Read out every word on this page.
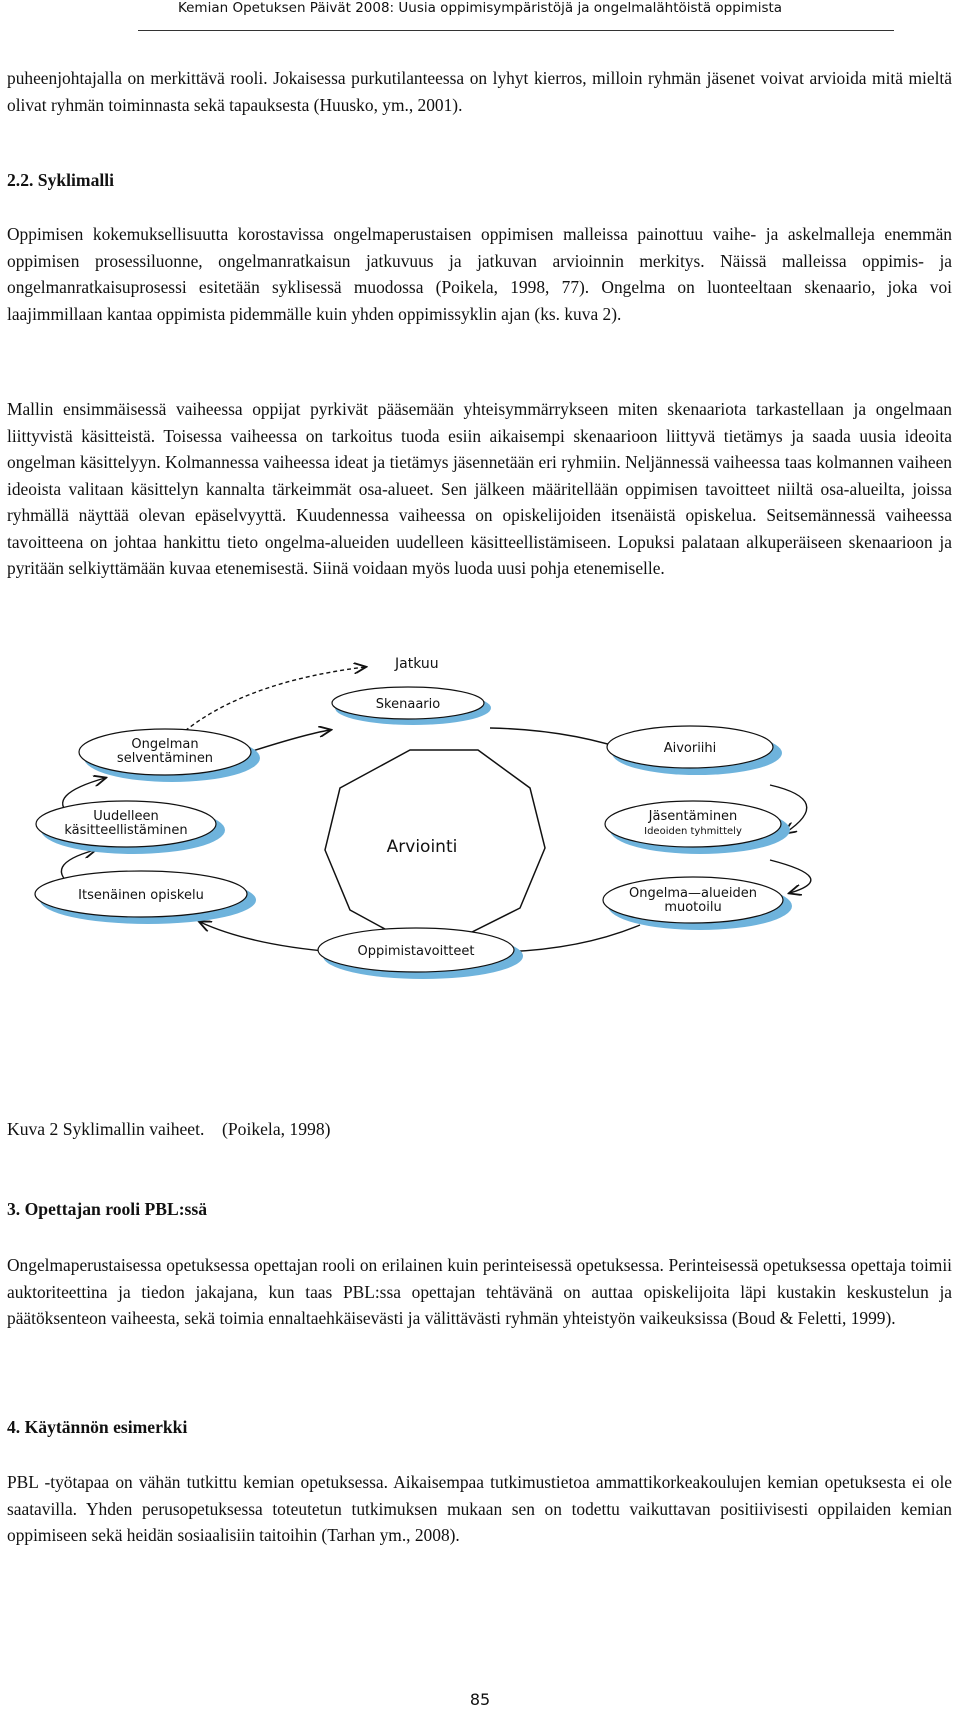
Kemian Opetuksen Päivät 2008: Uusia oppimisympäristöjä ja ongelmalähtöistä oppimista

puheenjohtajalla on merkittävä rooli. Jokaisessa purkutilanteessa on lyhyt kierros, milloin ryhmän jäsenet voivat arvioida mitä mieltä olivat ryhmän toiminnasta sekä tapauksesta (Huusko, ym., 2001).

2.2. Syklimalli

Oppimisen kokemuksellisuutta korostavissa ongelmaperustaisen oppimisen malleissa painottuu vaihe- ja askelmalleja enemmän oppimisen prosessiluonne, ongelmanratkaisun jatkuvuus ja jatkuvan arvioinnin merkitys. Näissä malleissa oppimis- ja ongelmanratkaisuprosessi esitetään syklisessä muodossa (Poikela, 1998, 77). Ongelma on luonteeltaan skenaario, joka voi laajimmillaan kantaa oppimista pidemmälle kuin yhden oppimissyklin ajan (ks. kuva 2).

Mallin ensimmäisessä vaiheessa oppijat pyrkivät pääsemään yhteisymmärrykseen miten skenaariota tarkastellaan ja ongelmaan liittyvistä käsitteistä. Toisessa vaiheessa on tarkoitus tuoda esiin aikaisempi skenaarioon liittyvä tietämys ja saada uusia ideoita ongelman käsittelyyn. Kolmannessa vaiheessa ideat ja tietämys jäsennetään eri ryhmiin. Neljännessä vaiheessa taas kolmannen vaiheen ideoista valitaan käsittelyn kannalta tärkeimmät osa-alueet. Sen jälkeen määritellään oppimisen tavoitteet niiltä osa-alueilta, joissa ryhmällä näyttää olevan epäselvyyttä. Kuudennessa vaiheessa on opiskelijoiden itsenäistä opiskelua. Seitsemännessä vaiheessa tavoitteena on johtaa hankittu tieto ongelma-alueiden uudelleen käsitteellistämiseen. Lopuksi palataan alkuperäiseen skenaarioon ja pyritään selkiyttämään kuvaa etenemisestä. Siinä voidaan myös luoda uusi pohja etenemiselle.

Arviointi
Jatkuu
Skenaario
Aivoriihi
Jäsentäminen
Ideoiden tyhmittely
Ongelma—alueiden
muotoilu
Oppimistavoitteet
Itsenäinen opiskelu
Uudelleen
käsitteellistäminen
Ongelman
selventäminen
Kuva 2 Syklimallin vaiheet.    (Poikela, 1998)
3. Opettajan rooli PBL:ssä

Ongelmaperustaisessa opetuksessa opettajan rooli on erilainen kuin perinteisessä opetuksessa. Perinteisessä opetuksessa opettaja toimii auktoriteettina ja tiedon jakajana, kun taas PBL:ssa opettajan tehtävänä on auttaa opiskelijoita läpi kustakin keskustelun ja päätöksenteon vaiheesta, sekä toimia ennaltaehkäisevästi ja välittävästi ryhmän yhteistyön vaikeuksissa (Boud & Feletti, 1999).

4. Käytännön esimerkki

PBL -työtapaa on vähän tutkittu kemian opetuksessa. Aikaisempaa tutkimustietoa ammattikorkeakoulujen kemian opetuksesta ei ole saatavilla. Yhden perusopetuksessa toteutetun tutkimuksen mukaan sen on todettu vaikuttavan positiivisesti oppilaiden kemian oppimiseen sekä heidän sosiaalisiin taitoihin (Tarhan ym., 2008).

85
